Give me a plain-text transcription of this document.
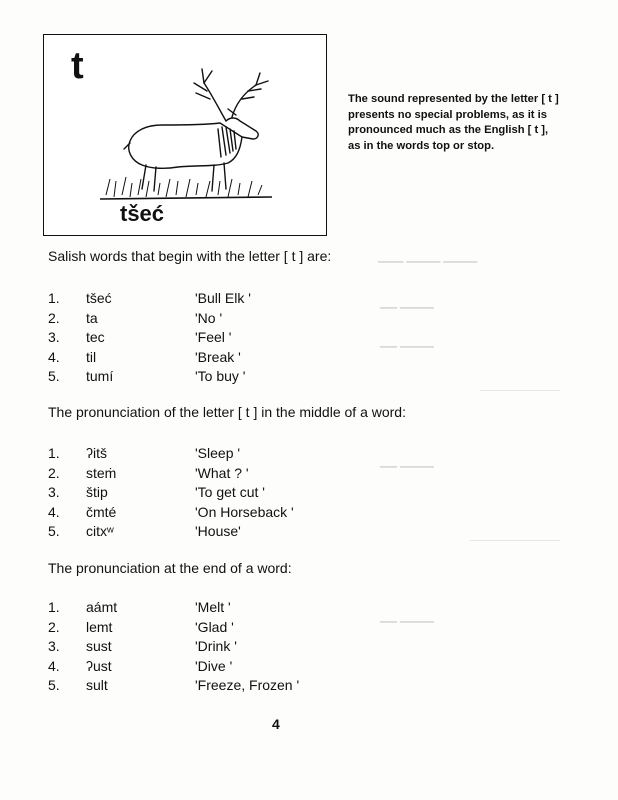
▁▁▁ ▁▁▁▁ ▁▁▁▁
▁▁ ▁▁▁▁
▁▁ ▁▁▁▁
▁▁ ▁▁▁▁
▁▁ ▁▁▁▁
t
tšeć
The sound represented by the letter [ t ] presents no special problems, as it is pronounced much as the English [ t ], as in the words top or stop.
Salish words that begin with the letter [ t ] are:
1. tšeć	'Bull Elk '
2. ta	'No '
3. tec	'Feel '
4. til	'Break '
5. tumí	'To buy '
The pronunciation of the letter [ t ] in the middle of a word:
1. ʔitš	'Sleep '
2. steṁ	'What ? '
3. štip	'To get cut '
4. čmté	'On Horseback '
5. citxʷ	'House'
The pronunciation at the end of a word:
1. aámt	'Melt '
2. lemt	'Glad '
3. sust	'Drink '
4. ʔust	'Dive '
5. sult	'Freeze, Frozen '
4
